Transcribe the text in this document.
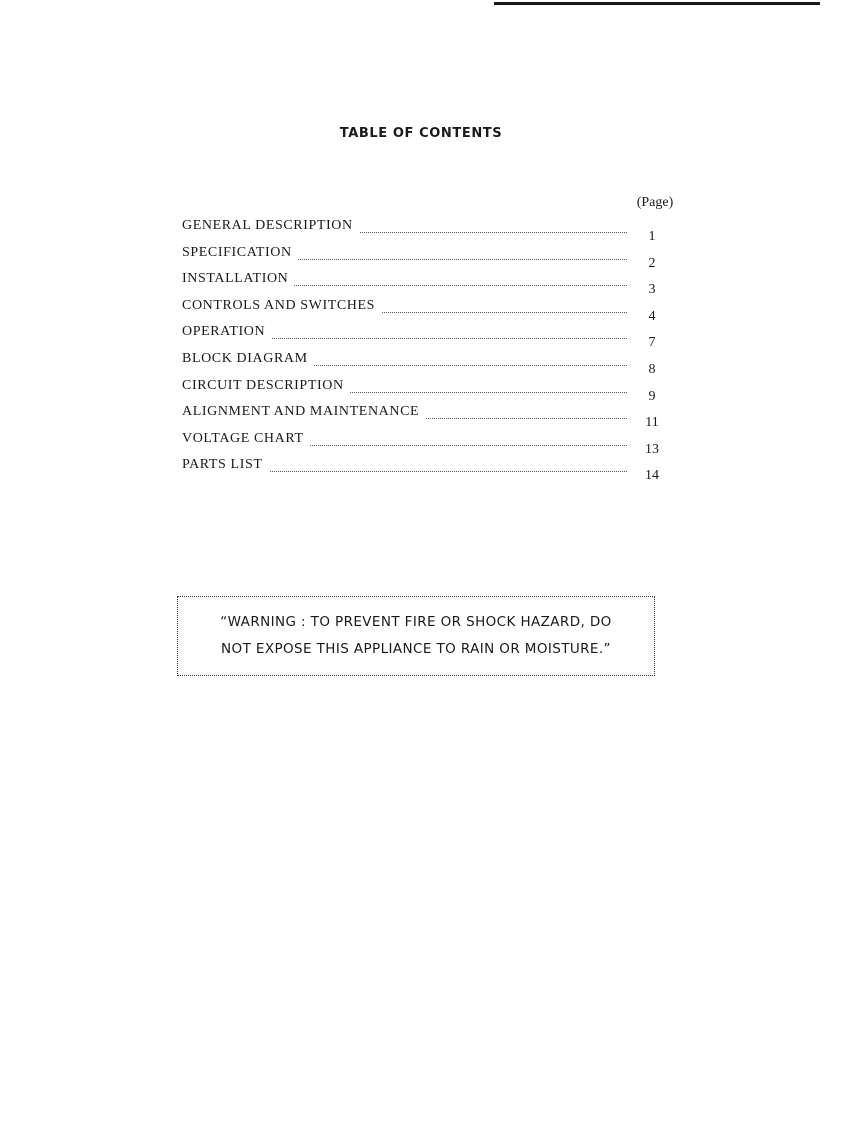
TABLE OF CONTENTS
(Page)
GENERAL DESCRIPTION
1
SPECIFICATION
2
INSTALLATION
3
CONTROLS AND SWITCHES
4
OPERATION
7
BLOCK DIAGRAM
8
CIRCUIT DESCRIPTION
9
ALIGNMENT AND MAINTENANCE
11
VOLTAGE CHART
13
PARTS LIST
14
“WARNING : TO PREVENT FIRE OR SHOCK HAZARD, DO
NOT EXPOSE THIS APPLIANCE TO RAIN OR MOISTURE.”
